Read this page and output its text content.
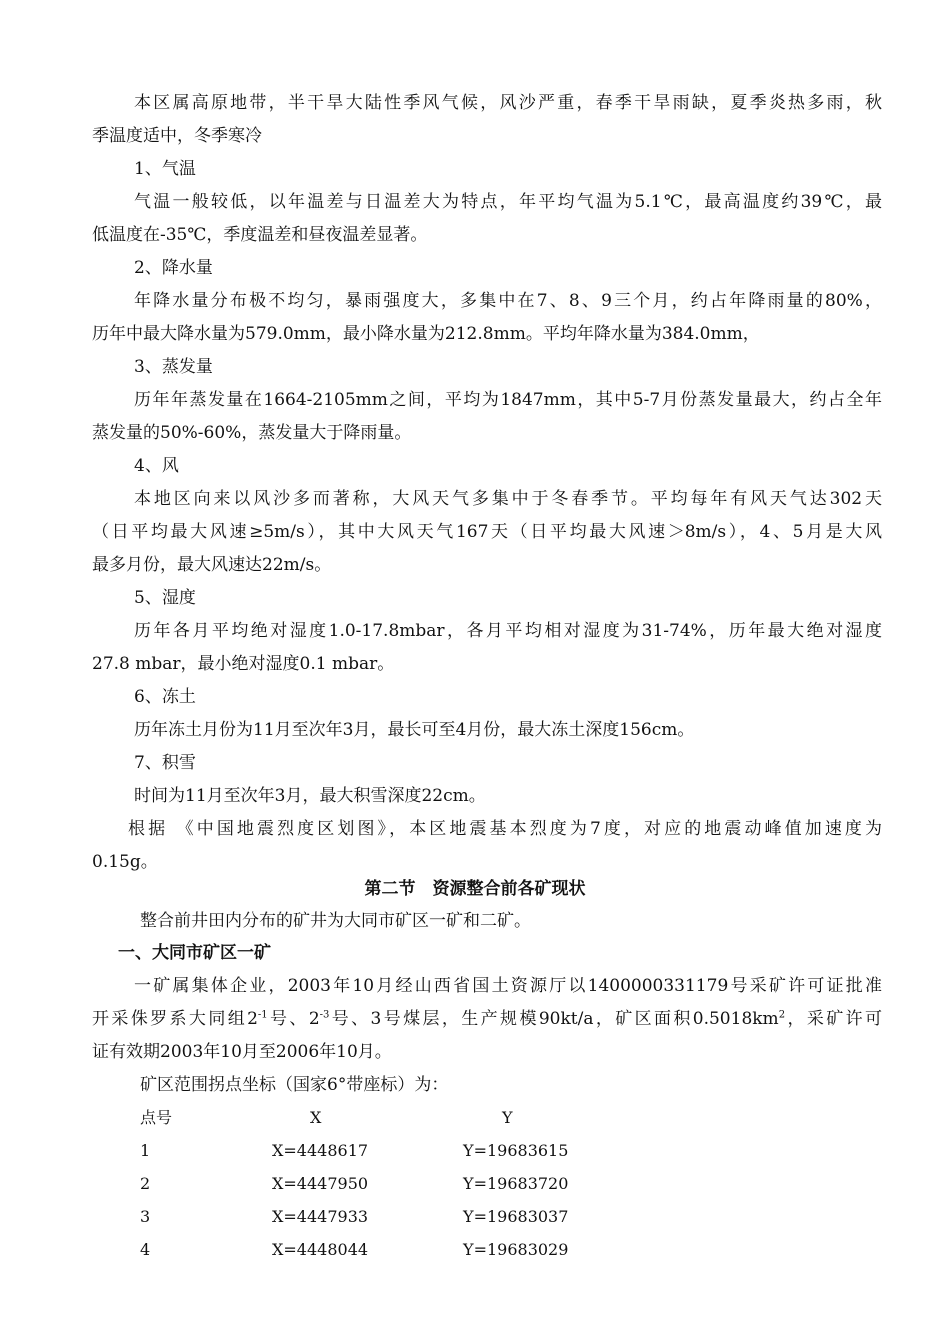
本区属高原地带，半干旱大陆性季风气候，风沙严重，春季干旱雨缺，夏季炎热多雨，秋
季温度适中，冬季寒冷
1、气温
气温一般较低，以年温差与日温差大为特点，年平均气温为5.1℃，最高温度约39℃，最
低温度在-35℃，季度温差和昼夜温差显著。
2、降水量
年降水量分布极不均匀，暴雨强度大，多集中在7、8、9三个月，约占年降雨量的80%，
历年中最大降水量为579.0mm，最小降水量为212.8mm。平均年降水量为384.0mm，
3、蒸发量
历年年蒸发量在1664-2105mm之间，平均为1847mm，其中5-7月份蒸发量最大，约占全年
蒸发量的50%-60%，蒸发量大于降雨量。
4、风
本地区向来以风沙多而著称，大风天气多集中于冬春季节。平均每年有风天气达302天
（日平均最大风速≥5m/s），其中大风天气167天（日平均最大风速＞8m/s），4、5月是大风
最多月份，最大风速达22m/s。
5、湿度
历年各月平均绝对湿度1.0-17.8mbar，各月平均相对湿度为31-74%，历年最大绝对湿度
27.8 mbar，最小绝对湿度0.1 mbar。
6、冻土
历年冻土月份为11月至次年3月，最长可至4月份，最大冻土深度156cm。
7、积雪
时间为11月至次年3月，最大积雪深度22cm。
根据 《中国地震烈度区划图》，本区地震基本烈度为7度，对应的地震动峰值加速度为
0.15g。
第二节　资源整合前各矿现状
整合前井田内分布的矿井为大同市矿区一矿和二矿。
一、大同市矿区一矿
一矿属集体企业，2003年10月经山西省国土资源厅以1400000331179号采矿许可证批准
开采侏罗系大同组$2^{-1}$号、$2^{-3}$号、3号煤层，生产规模90kt/a，矿区面积$0.5018km^2$，采矿许可
证有效期2003年10月至2006年10月。
矿区范围拐点坐标（国家6°带座标）为：
点号	X	Y
1	X=4448617	Y=19683615
2	X=4447950	Y=19683720
3	X=4447933	Y=19683037
4	X=4448044	Y=19683029
